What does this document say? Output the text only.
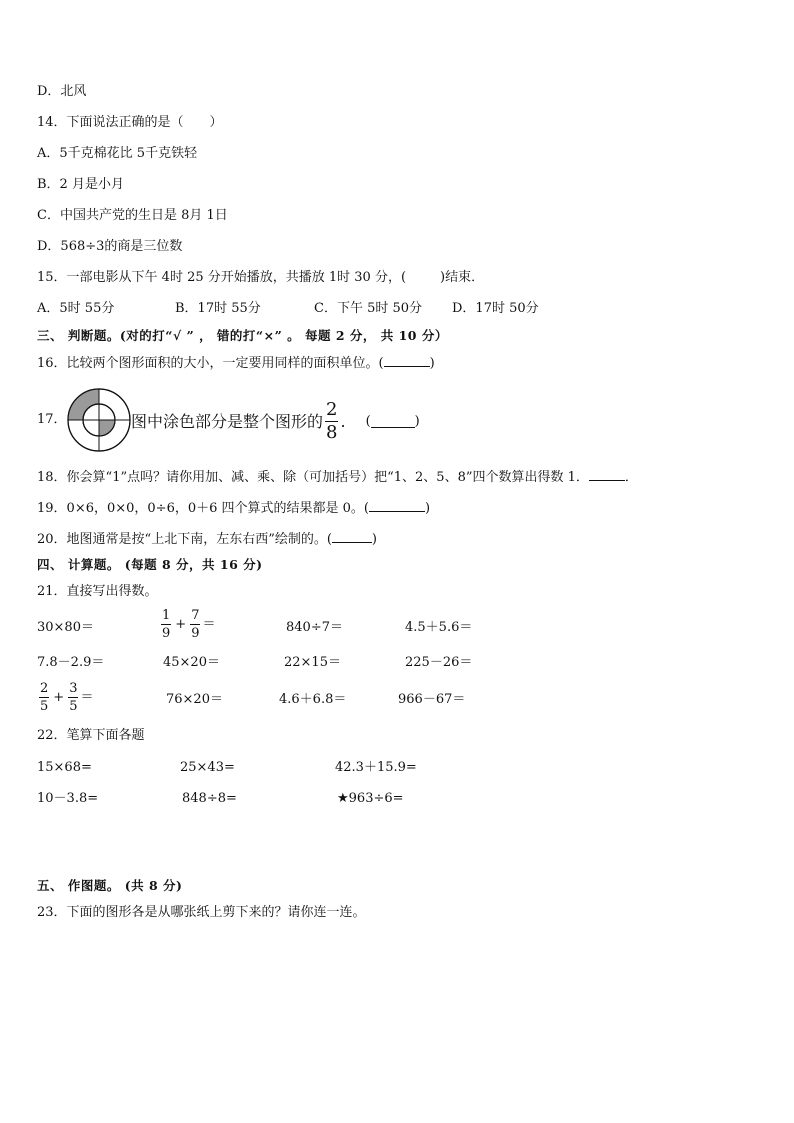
D．北风
14．下面说法正确的是（　　）
A．5千克棉花比 5千克铁轻
B．2 月是小月
C．中国共产党的生日是 8月 1日
D．568÷3的商是三位数
15．一部电影从下午 4时 25 分开始播放，共播放 1时 30 分，(	)结束．
A．5时 55分	B．17时 55分	C．下午 5时 50分 D．17时 50分
三、 判断题。(对的打“√ ” ， 错的打“×” 。 每题 2 分， 共 10 分）
16．比较两个图形面积的大小，一定要用同样的面积单位。(	)
17．	图中涂色部分是整个图形的 $\frac{2}{8}$ . (	)
18．你会算“1”点吗？请你用加、减、乘、除（可加括号）把“1、2、5、8”四个数算出得数 1．	．
19．0×6，0×0，0÷6，0＋6 四个算式的结果都是 0。(	)
20．地图通常是按“上北下南，左东右西”绘制的。(	)
四、 计算题。 (每题 8 分，共 16 分)
21．直接写出得数。
30×80＝	$\frac{1}{9} + \frac{7}{9}$ ＝	840÷7＝	4.5＋5.6＝
7.8－2.9＝	45×20＝	22×15＝	225－26＝
$\frac{2}{5} + \frac{3}{5}$ ＝	76×20＝	4.6＋6.8＝	966－67＝
22．笔算下面各题
15×68=	25×43=	42.3＋15.9=
10－3.8=	848÷8=	★963÷6=
五、 作图题。 (共 8 分)
23．下面的图形各是从哪张纸上剪下来的？请你连一连。
